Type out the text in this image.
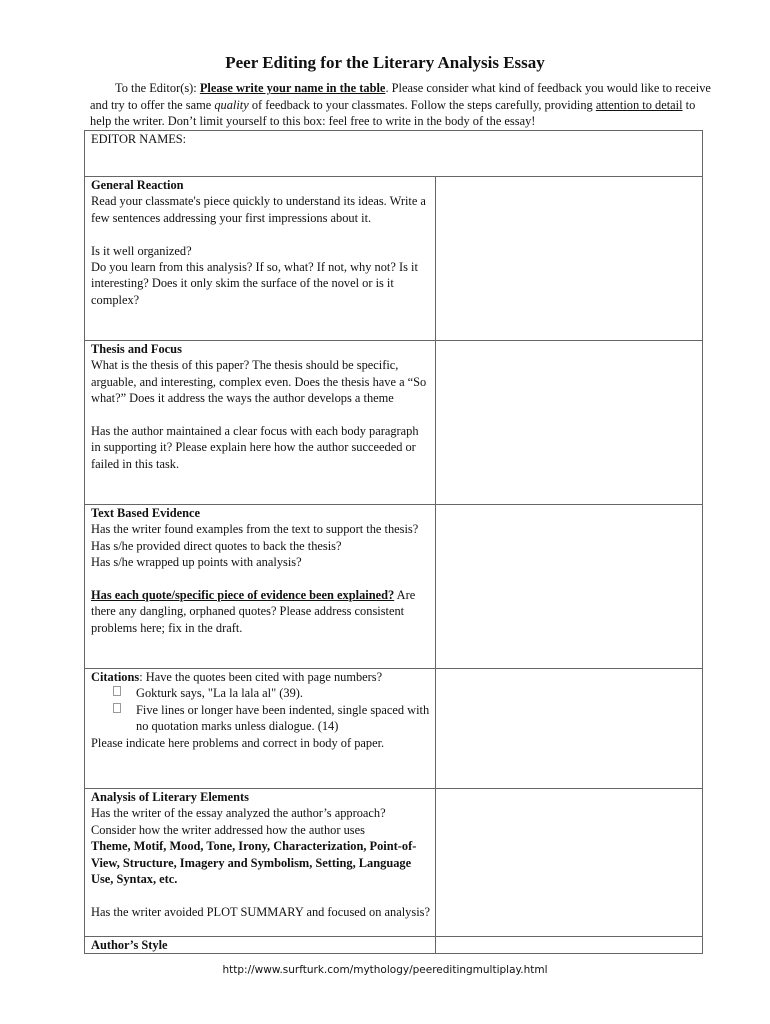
Peer Editing for the Literary Analysis Essay

To the Editor(s): Please write your name in the table. Please consider what kind of feedback you would like to receive and try to offer the same quality of feedback to your classmates. Follow the steps carefully, providing attention to detail to help the writer. Don’t limit yourself to this box: feel free to write in the body of the essay!

EDITOR NAMES:	

General Reaction
Read your classmate's piece quickly to understand its ideas. Write a few sentences addressing your first impressions about it.
Is it well organized?
Do you learn from this analysis? If so, what? If not, why not? Is it interesting? Does it only skim the surface of the novel or is it complex?	

Thesis and Focus
What is the thesis of this paper? The thesis should be specific, arguable, and interesting, complex even. Does the thesis have a “So what?” Does it address the ways the author develops a theme
Has the author maintained a clear focus with each body paragraph in supporting it? Please explain here how the author succeeded or failed in this task.	

Text Based Evidence
Has the writer found examples from the text to support the thesis?
Has s/he provided direct quotes to back the thesis?
Has s/he wrapped up points with analysis?
Has each quote/specific piece of evidence been explained? Are there any dangling, orphaned quotes? Please address consistent problems here; fix in the draft.	

Citations: Have the quotes been cited with page numbers?
Gokturk says, "La la lala al" (39).
Five lines or longer have been indented, single spaced with no quotation marks unless dialogue. (14)
Please indicate here problems and correct in body of paper.	

Analysis of Literary Elements
Has the writer of the essay analyzed the author’s approach? Consider how the writer addressed how the author uses
Theme, Motif, Mood, Tone, Irony, Characterization, Point-of-View, Structure, Imagery and Symbolism, Setting, Language Use, Syntax, etc.
Has the writer avoided PLOT SUMMARY and focused on analysis?	

Author’s Style	

http://www.surfturk.com/mythology/peereditingmultiplay.html
